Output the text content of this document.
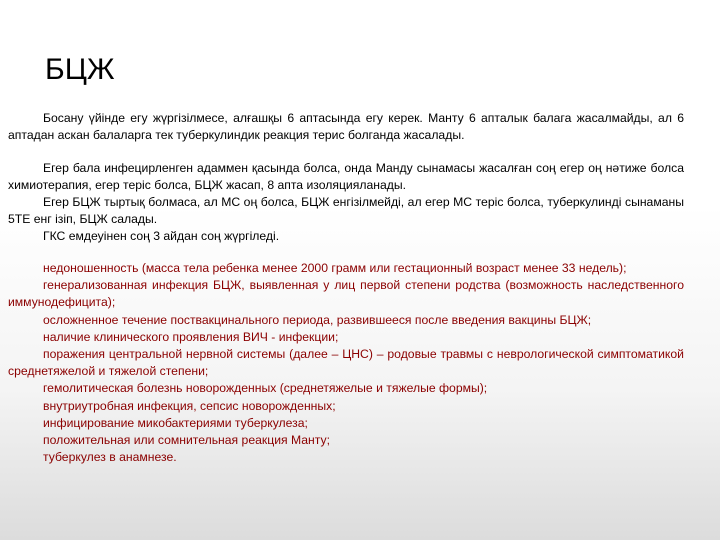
БЦЖ

Босану үйінде егу жүргізілмесе, алғашқы 6 аптасында егу керек. Манту 6 апталык балага жасалмайды, ал 6 аптадан аскан балаларга тек туберкулиндик реакция терис болганда жасалады.

Егер бала инфецирленген адаммен қасында болса, онда Манду сынамасы жасалған соң егер оң нәтиже болса химиотерапия, егер теріс болса, БЦЖ жасап, 8 апта изоляцияланады.

Егер БЦЖ тыртық болмаса, ал МС оң болса, БЦЖ енгізілмейді, ал егер МС теріс болса, туберкулинді сынаманы 5ТЕ енг ізіп, БЦЖ салады.

ГКС емдеуінен соң 3 айдан соң жүргіледі.

недоношенность (масса тела ребенка менее 2000 грамм или гестационный возраст менее 33 недель);

генерализованная инфекция БЦЖ, выявленная у лиц первой степени родства (возможность наследственного иммунодефицита);

осложненное течение поствакцинального периода, развившееся после введения вакцины БЦЖ;

наличие клинического проявления ВИЧ - инфекции;

поражения центральной нервной системы (далее – ЦНС) – родовые травмы с неврологической симптоматикой среднетяжелой и тяжелой степени;

гемолитическая болезнь новорожденных (среднетяжелые и тяжелые формы);

внутриутробная инфекция, сепсис новорожденных;

инфицирование микобактериями туберкулеза;

положительная или сомнительная реакция Манту;

туберкулез в анамнезе.
